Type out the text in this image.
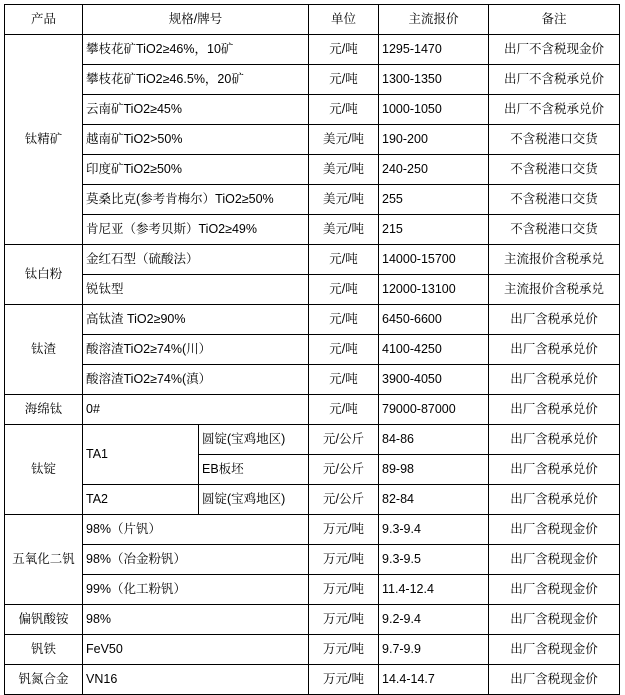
产品	规格/牌号		单位	主流报价	备注
钛精矿	攀枝花矿TiO2≥46%，10矿		元/吨	1295-1470	出厂不含税现金价
	攀枝花矿TiO2≥46.5%，20矿		元/吨	1300-1350	出厂不含税承兑价
	云南矿TiO2≥45%		元/吨	1000-1050	出厂不含税承兑价
	越南矿TiO2>50%		美元/吨	190-200	不含税港口交货
	印度矿TiO2≥50%		美元/吨	240-250	不含税港口交货
	莫桑比克(参考肯梅尔）TiO2≥50%		美元/吨	255	不含税港口交货
	肯尼亚（参考贝斯）TiO2≥49%		美元/吨	215	不含税港口交货
钛白粉	金红石型（硫酸法）		元/吨	14000-15700	主流报价含税承兑
	锐钛型		元/吨	12000-13100	主流报价含税承兑
钛渣	高钛渣 TiO2≥90%		元/吨	6450-6600	出厂含税承兑价
	酸溶渣TiO2≥74%(川）		元/吨	4100-4250	出厂含税承兑价
	酸溶渣TiO2≥74%(滇）		元/吨	3900-4050	出厂含税承兑价
海绵钛	0#		元/吨	79000-87000	出厂含税承兑价
钛锭	TA1	圆锭(宝鸡地区)	元/公斤	84-86	出厂含税承兑价
		EB板坯	元/公斤	89-98	出厂含税承兑价
	TA2	圆锭(宝鸡地区)	元/公斤	82-84	出厂含税承兑价
五氧化二钒	98%（片钒）		万元/吨	9.3-9.4	出厂含税现金价
	98%（冶金粉钒）		万元/吨	9.3-9.5	出厂含税现金价
	99%（化工粉钒）		万元/吨	11.4-12.4	出厂含税现金价
偏钒酸铵	98%		万元/吨	9.2-9.4	出厂含税现金价
钒铁	FeV50		万元/吨	9.7-9.9	出厂含税现金价
钒氮合金	VN16		万元/吨	14.4-14.7	出厂含税现金价
